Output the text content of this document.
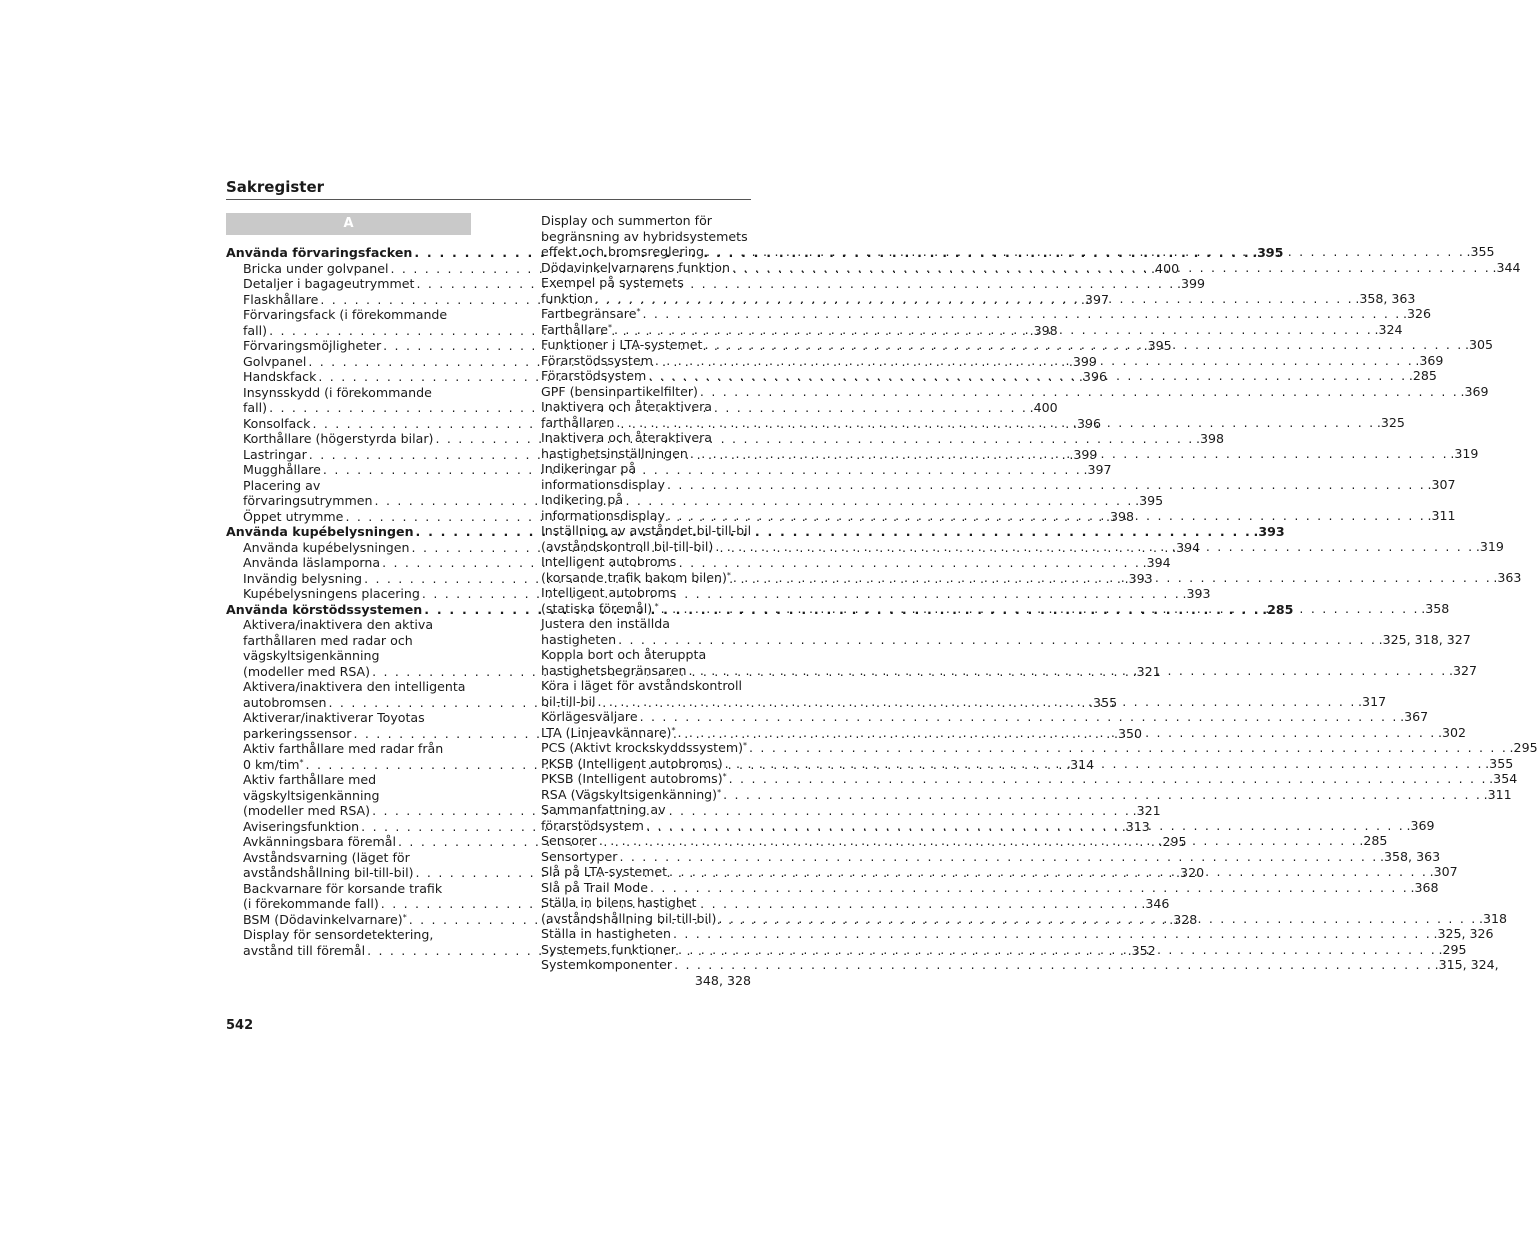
Sakregister
A
Använda förvaringsfacken . . .	.395
Bricka under golvpanel . . .	.400
Detaljer i bagageutrymmet . . .	.399
Flaskhållare . . .	.397
Förvaringsfack (i förekommande
fall) . . .	.398
Förvaringsmöjligheter . . .	.395
Golvpanel . . .	.399
Handskfack . . .	.396
Insynsskydd (i förekommande
fall) . . .	.400
Konsolfack . . .	.396
Korthållare (högerstyrda bilar) . . .	.398
Lastringar . . .	.399
Mugghållare . . .	.397
Placering av
förvaringsutrymmen . . .	.395
Öppet utrymme . . .	.398
Använda kupébelysningen . . .	.393
Använda kupébelysningen . . .	.394
Använda läslamporna . . .	.394
Invändig belysning . . .	.393
Kupébelysningens placering . . .	.393
Använda körstödssystemen . . .	.285
Aktivera/inaktivera den aktiva
farthållaren med radar och
vägskyltsigenkänning
(modeller med RSA) . . .	.321
Aktivera/inaktivera den intelligenta
autobromsen . . .	.355
Aktiverar/inaktiverar Toyotas
parkeringssensor . . .	.350
Aktiv farthållare med radar från
0 km/tim* . . .	.314
Aktiv farthållare med
vägskyltsigenkänning
(modeller med RSA) . . .	.321
Aviseringsfunktion . . .	.313
Avkänningsbara föremål . . .	.295
Avståndsvarning (läget för
avståndshållning bil-till-bil) . . .	.320
Backvarnare för korsande trafik
(i förekommande fall) . . .	.346
BSM (Dödavinkelvarnare)* . . .	.328
Display för sensordetektering,
avstånd till föremål . . .	.352
Display och summerton för
begränsning av hybridsystemets
effekt och bromsreglering . . .	.355
Dödavinkelvarnarens funktion . . .	.344
Exempel på systemets
funktion . . .	.358, 363
Fartbegränsare* . . .	.326
Farthållare* . . .	.324
Funktioner i LTA-systemet . . .	.305
Förarstödssystem . . .	.369
Förarstödsystem . . .	.285
GPF (bensinpartikelfilter) . . .	.369
Inaktivera och återaktivera
farthållaren . . .	.325
Inaktivera och återaktivera
hastighetsinställningen . . .	.319
Indikeringar på
informationsdisplay . . .	.307
Indikering på
informationsdisplay . . .	.311
Inställning av avståndet bil-till-bil
(avståndskontroll bil-till-bil) . . .	.319
Intelligent autobroms
(korsande trafik bakom bilen)* . . .	.363
Intelligent autobroms
(statiska föremål) * . . .	.358
Justera den inställda
hastigheten . . .	.325, 318, 327
Koppla bort och återuppta
hastighetsbegränsaren . . .	.327
Köra i läget för avståndskontroll
bil-till-bil . . .	.317
Körlägesväljare . . .	.367
LTA (Linjeavkännare)* . . .	.302
PCS (Aktivt krockskyddssystem)* . . .	.295
PKSB (Intelligent autobroms) . . .	.355
PKSB (Intelligent autobroms)* . . .	.354
RSA (Vägskyltsigenkänning)* . . .	.311
Sammanfattning av
förarstödsystem . . .	.369
Sensorer . . .	.285
Sensortyper . . .	.358, 363
Slå på LTA-systemet . . .	.307
Slå på Trail Mode . . .	.368
Ställa in bilens hastighet
(avståndshållning bil-till-bil) . . .	.318
Ställa in hastigheten . . .	.325, 326
Systemets funktioner . . .	.295
Systemkomponenter . . .	.315, 324,
348, 328
542
